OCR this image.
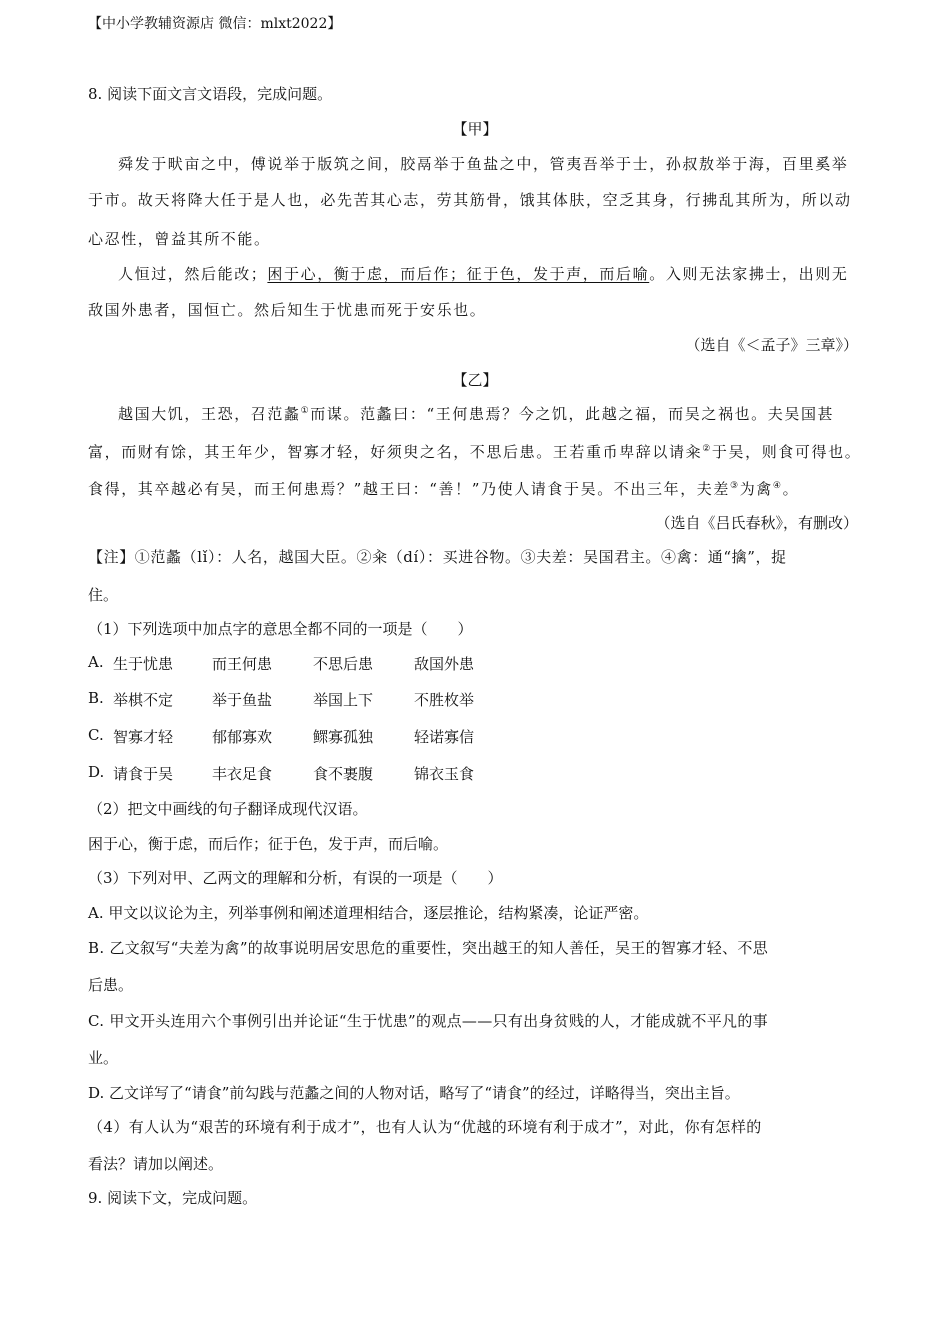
【中小学教辅资源店 微信：mlxt2022】
8. 阅读下面文言文语段，完成问题。
【甲】
舜发于畎亩之中，傅说举于版筑之间，胶鬲举于鱼盐之中，管夷吾举于士，孙叔敖举于海，百里奚举
于市。故天将降大任于是人也，必先苦其心志，劳其筋骨，饿其体肤，空乏其身，行拂乱其所为，所以动
心忍性，曾益其所不能。
人恒过，然后能改；困于心，衡于虑，而后作；征于色，发于声，而后喻。入则无法家拂士，出则无
敌国外患者，国恒亡。然后知生于忧患而死于安乐也。
（选自《＜孟子》三章》）
【乙】
越国大饥，王恐，召范蠡①而谋。范蠡曰：“王何患焉？今之饥，此越之福，而吴之祸也。夫吴国甚
富，而财有馀，其王年少，智寡才轻，好须臾之名，不思后患。王若重币卑辞以请籴②于吴，则食可得也。
食得，其卒越必有吴，而王何患焉？”越王曰：“善！”乃使人请食于吴。不出三年，夫差③为禽④。
（选自《吕氏春秋》，有删改）
【注】①范蠡（lǐ）：人名，越国大臣。②籴（dí）：买进谷物。③夫差：吴国君主。④禽：通“擒”，捉
住。
（1）下列选项中加点字的意思全都不同的一项是（　　）
A. 生于忧患	而王何患	不思后患	敌国外患
B. 举棋不定	举于鱼盐	举国上下	不胜枚举
C. 智寡才轻	郁郁寡欢	鳏寡孤独	轻诺寡信
D. 请食于吴	丰衣足食	食不裹腹	锦衣玉食
（2）把文中画线的句子翻译成现代汉语。
困于心，衡于虑，而后作；征于色，发于声，而后喻。
（3）下列对甲、乙两文的理解和分析，有误的一项是（　　）
A. 甲文以议论为主，列举事例和阐述道理相结合，逐层推论，结构紧凑，论证严密。
B. 乙文叙写“夫差为禽”的故事说明居安思危的重要性，突出越王的知人善任，吴王的智寡才轻、不思
后患。
C. 甲文开头连用六个事例引出并论证“生于忧患”的观点——只有出身贫贱的人，才能成就不平凡的事
业。
D. 乙文详写了“请食”前勾践与范蠡之间的人物对话，略写了“请食”的经过，详略得当，突出主旨。
（4）有人认为“艰苦的环境有利于成才”，也有人认为“优越的环境有利于成才”，对此，你有怎样的
看法？请加以阐述。
9. 阅读下文，完成问题。
